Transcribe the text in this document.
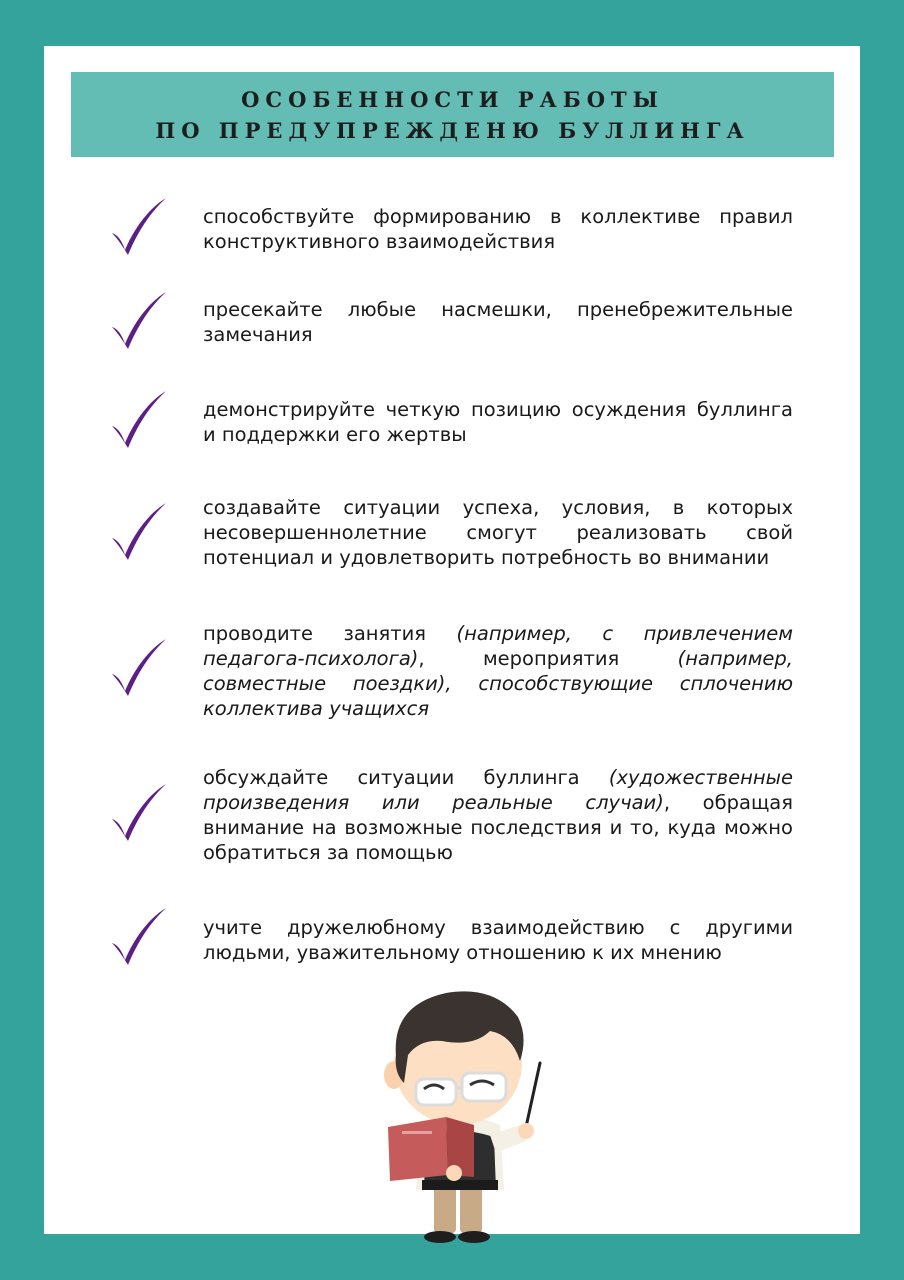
ОСОБЕННОСТИ РАБОТЫ
ПО ПРЕДУПРЕЖДЕНЮ БУЛЛИНГА
способствуйте формированию в коллективе правил конструктивного взаимодействия
пресекайте любые насмешки, пренебрежительные замечания
демонстрируйте четкую позицию осуждения буллинга и поддержки его жертвы
создавайте ситуации успеха, условия, в которых несовершеннолетние смогут реализовать свой потенциал и удовлетворить потребность во внимании
проводите занятия (например, с привлечением педагога-психолога), мероприятия (например, совместные поездки), способствующие сплочению коллектива учащихся
обсуждайте ситуации буллинга (художественные произведения или реальные случаи), обращая внимание на возможные последствия и то, куда можно обратиться за помощью
учите дружелюбному взаимодействию с другими людьми, уважительному отношению к их мнению
